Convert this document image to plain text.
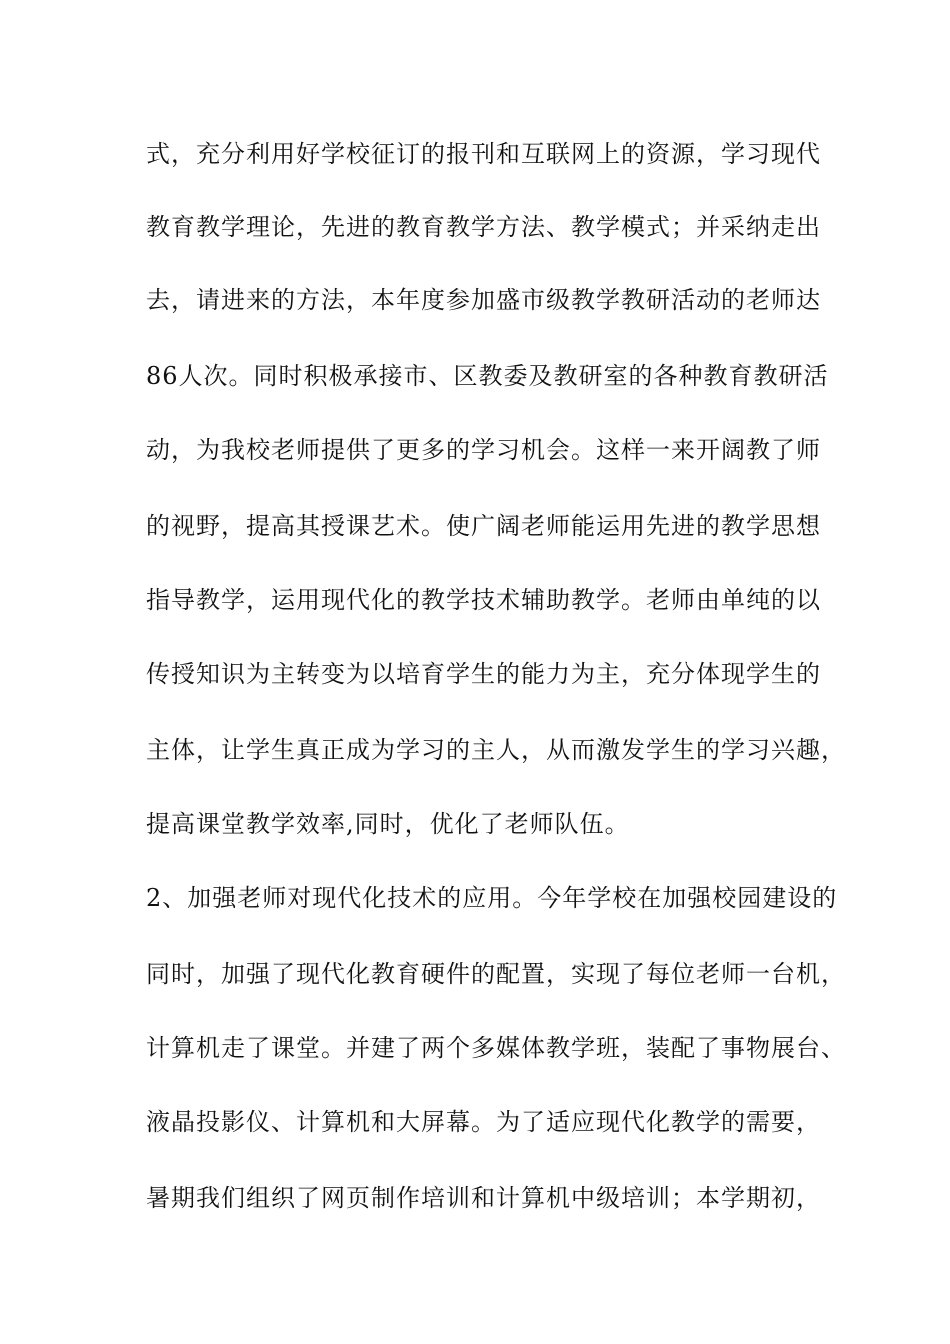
式，充分利用好学校征订的报刊和互联网上的资源，学习现代
教育教学理论，先进的教育教学方法、教学模式；并采纳走出
去，请进来的方法，本年度参加盛市级教学教研活动的老师达
86人次。同时积极承接市、区教委及教研室的各种教育教研活
动，为我校老师提供了更多的学习机会。这样一来开阔教了师
的视野，提高其授课艺术。使广阔老师能运用先进的教学思想
指导教学，运用现代化的教学技术辅助教学。老师由单纯的以
传授知识为主转变为以培育学生的能力为主，充分体现学生的
主体，让学生真正成为学习的主人，从而激发学生的学习兴趣，
提高课堂教学效率,同时，优化了老师队伍。
2、加强老师对现代化技术的应用。今年学校在加强校园建设的
同时，加强了现代化教育硬件的配置，实现了每位老师一台机，
计算机走了课堂。并建了两个多媒体教学班，装配了事物展台、
液晶投影仪、计算机和大屏幕。为了适应现代化教学的需要，
暑期我们组织了网页制作培训和计算机中级培训；本学期初，
